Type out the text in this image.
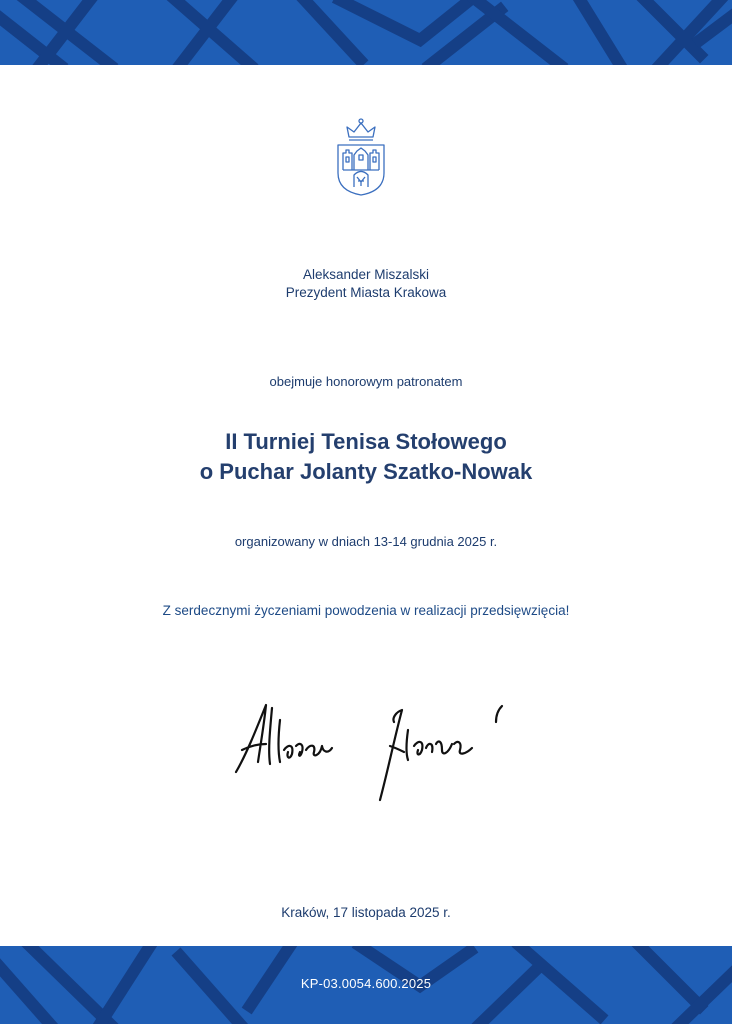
Aleksander Miszalski
Prezydent Miasta Krakowa
obejmuje honorowym patronatem
II Turniej Tenisa Stołowego
o Puchar Jolanty Szatko-Nowak
organizowany w dniach 13-14 grudnia 2025 r.
Z serdecznymi życzeniami powodzenia w realizacji przedsięwzięcia!
Kraków, 17 listopada 2025 r.
KP-03.0054.600.2025
